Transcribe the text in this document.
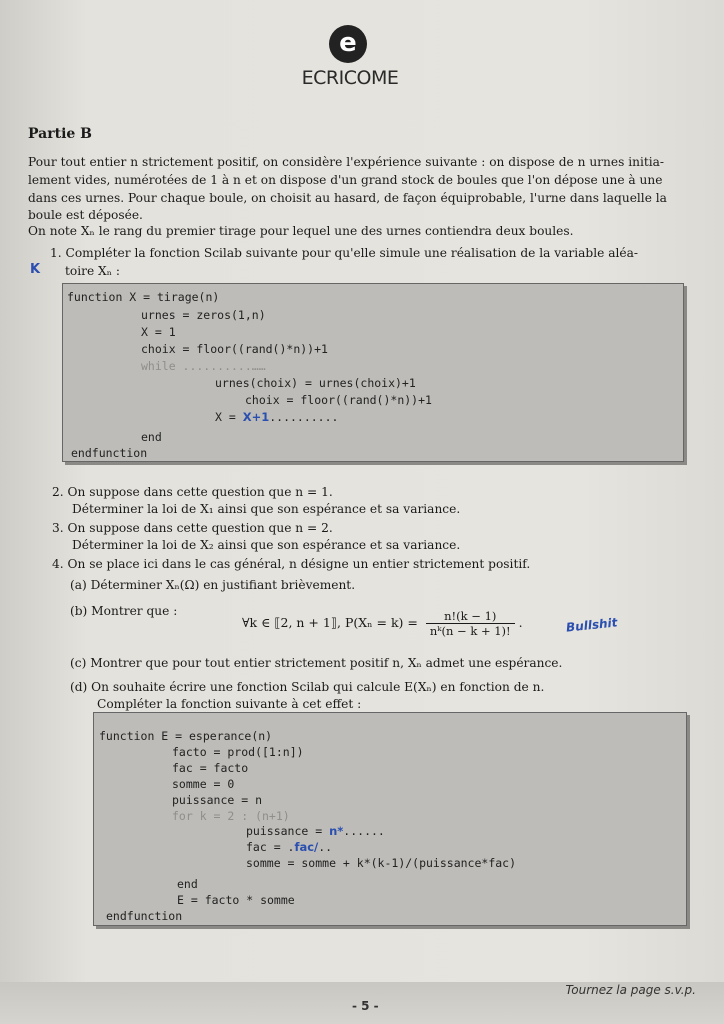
e
ECRICOME
Partie B
Pour tout entier n strictement positif, on considère l'expérience suivante : on dispose de n urnes initia-
lement vides, numérotées de 1 à n et on dispose d'un grand stock de boules que l'on dépose une à une
dans ces urnes. Pour chaque boule, on choisit au hasard, de façon équiprobable, l'urne dans laquelle la
boule est déposée.
On note Xₙ le rang du premier tirage pour lequel une des urnes contiendra deux boules.
K
1. Compléter la fonction Scilab suivante pour qu'elle simule une réalisation de la variable aléa-
toire Xₙ :
function X = tirage(n)
urnes = zeros(1,n)
X = 1
choix = floor((rand()*n))+1
while ..........……
urnes(choix) = urnes(choix)+1
choix = floor((rand()*n))+1
X = X+1..........
end
endfunction
2. On suppose dans cette question que n = 1.
Déterminer la loi de X₁ ainsi que son espérance et sa variance.
3. On suppose dans cette question que n = 2.
Déterminer la loi de X₂ ainsi que son espérance et sa variance.
4. On se place ici dans le cas général, n désigne un entier strictement positif.
(a) Déterminer Xₙ(Ω) en justifiant brièvement.
(b) Montrer que :
∀k ∈ ⟦2, n + 1⟧, $P(X_n = k) = \frac{n!(k - 1)}{\text{nᵏ(n − k + 1)!}}$ .	Bullshit
(c) Montrer que pour tout entier strictement positif n, Xₙ admet une espérance.
(d) On souhaite écrire une fonction Scilab qui calcule E(Xₙ) en fonction de n.
Compléter la fonction suivante à cet effet :
function E = esperance(n)
facto = prod([1:n])
fac = facto
somme = 0
puissance = n
for k = 2 : (n+1)
puissance = n*......
fac = .fac/..
somme = somme + k*(k-1)/(puissance*fac)
end
E = facto * somme
endfunction
Tournez la page s.v.p.
- 5 -
